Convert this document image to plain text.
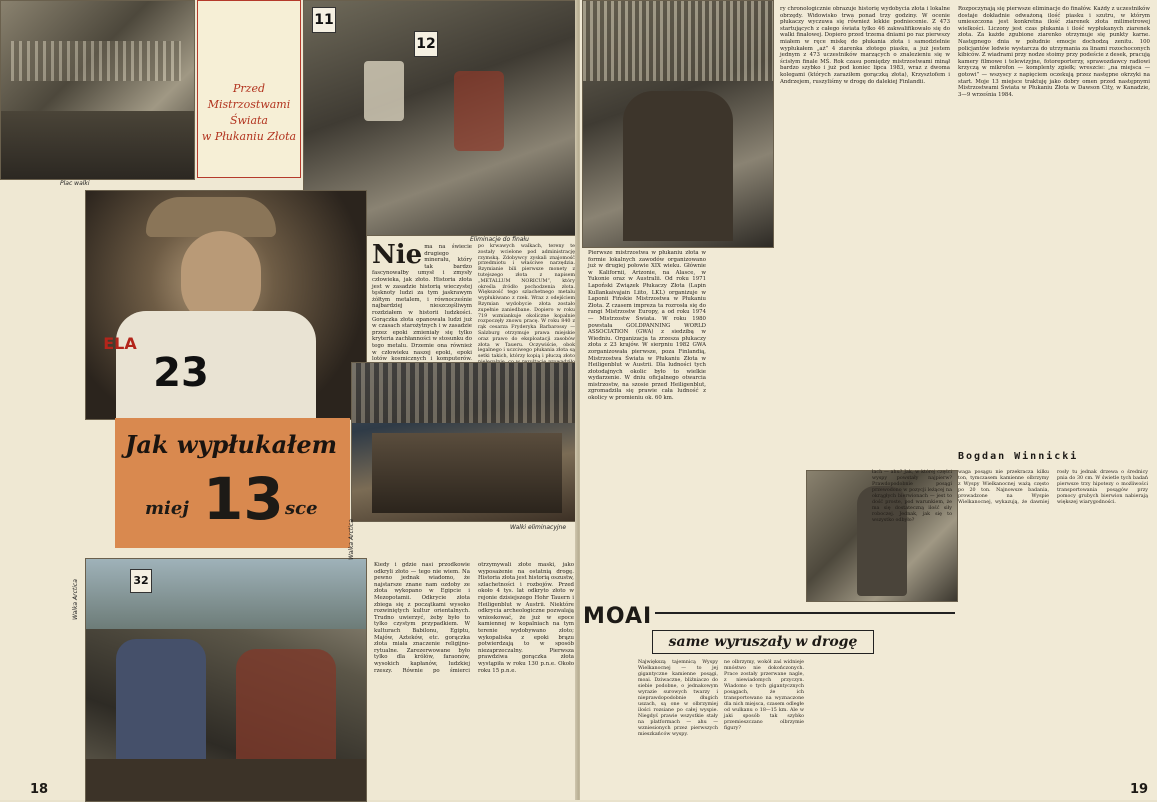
Plac walki
Przed
Mistrzostwami
Świata
w Płukaniu Złota
11
12
Eliminacje do finału
ELA
23
Nie ma na świecie drugiego minerału, który tak bardzo fascynowałby umysł i zmysły człowieka, jak złoto. Historia złota jest w zasadzie historią wieczystej tęsknoty ludzi za tym jaskrawym żółtym metalem, i równocześnie najbardziej nieszczęśliwym rozdziałem w historii ludzkości. Gorączka złota opanowała ludzi już w czasach starożytnych i w zasadzie przez epoki zmieniały się tylko kryteria zachłanności w stosunku do tego metalu. Drzemie ona również w człowieku naszej epoki, epoki lotów kosmicznych i komputerów.
po krwawych walkach, tereny te zostały wcielone pod administrację rzymską. Zdobywcy zyskali znajomość przedmiotu i właściwe narzędzia. Rzymianie bili pierwsze monety z tutejszego złota z napisem „METALLUM NORICUM”, który określa źródło pochodzenia złota. Większość tego szlachetnego metalu wypłukiwano z rzek. Wraz z odejściem Rzymian wydobycie złota zostało zupełnie zaniedbane. Dopiero w roku 719 wzmiankuje okoliczne kopalnie rozpoczęły znowu pracę. W roku 840 z rąk cesarza Fryderyka Barbarossy — Salzburg otrzymuje prawa miejskie oraz prawo do eksploatacji zasobów złota w Taueru. Oczywiście, obok legalnego i uczciwego płukania złota są setki takich, którzy kopią i płuczą złoto
Walki eliminacyjne
Jak wypłukałem
miej 13 sce
32
Walka Arctica
Walka Arctica
Kiedy i gdzie nasi przodkowie odkryli złoto — tego nie wiem. Na pewno jednak wiadomo, że najstarsze znane nam ozdoby ze złota wykopano w Egipcie i Mezopotamii. Odkrycie złota zbiega się z początkami wysoko rozwiniętych kultur orientalnych. Trudno uwierzyć, żeby było to tylko czystym przypadkiem. W kulturach Babilonu, Egiptu, Majów, Azteków, etc. gorączka złota miała znaczenie religijno-rytualne. Zarezerwowane było tylko dla królów, faraonów, wysokich kapłanów, ludzkiej rzeszy. Równie po śmierci otrzymywali złote maski, jako wyposażenie na ostatnią drogę. Historia złota jest historią oszustw, szlachetności i rozbojów. Przed około 4 tys. lat odkryto złoto w rejonie dzisiejszego Hohr Tauern i Heiligenblut w Austrii. Niektóre odkrycia archeologiczne pozwalają wnioskować, że już w epoce kamiennej w kopalniach na tym terenie wydobywano złoto; wykopaliska z epoki brązu potwierdzają to w sposób niezaprzeczalny. Pierwsza prawdziwa gorączka złota wystąpiła w roku 130 p.n.e. Około roku 15 p.n.e.
18
Pierwsze mistrzostwa w płukaniu złota w formie lokalnych zawodów organizowano już w drugiej połowie XIX wieku. Głównie w Kalifornii, Arizonie, na Alasce, w Yukonie oraz w Australii. Od roku 1971 Lapoński Związek Płukaczy Złota (Lapin Kullankaivajain Liito, LKL) organizuje w Laponii Fińskie Mistrzostwa w Płukaniu Złota. Z czasem impreza ta rozrosła się do rangi Mistrzostw Europy, a od roku 1974 — Mistrzostw Świata. W roku 1980 powstała GOLDPANNING WORLD ASSOCIATION (GWA) z siedzibą w Wiedniu. Organizacja ta zrzesza płukaczy złota z 23 krajów. W sierpniu 1982 GWA zorganizowała pierwsze, poza Finlandią, Mistrzostwa Świata w Płukaniu Złota w Heiligenblut w Austrii. Dla ludności tych złotodajnych okolic było to wielkie wydarzenie. W dniu oficjalnego otwarcia mistrzostw, na szosie przed Heiligenblut, zgromadziła się prawie cała ludność z okolicy w promieniu ok. 60 km.
ry chronologicznie obrazuje historię wydobycia złota i lokalne obrzędy. Widowisko trwa ponad trzy godziny. W ocenie płukaczy wyczuwa się również lekkie podniecenie. Z 473 startujących z całego świata tylko 46 zakwalifikowało się do walki finałowej. Dopiero przed trzema dniami po raz pierwszy miałem w ręce miskę do płukania złota i samodzielnie wypłukałem „aż” 4 ziarenka złotego piasku, a już jestem jednym z 473 uczestników marzących o znalezieniu się w ścisłym finale MŚ. Rok czasu pomiędzy mistrzostwami minął bardzo szybko i już pod koniec lipca 1983, wraz z dwoma kolegami (których zaraziłem gorączką złota), Krzysztofem i Andrzejem, ruszyliśmy w drogę do dalekiej Finlandii.
Rozpoczynają się pierwsze eliminacje do finałów. Każdy z uczestników dostaje dokładnie odważoną ilość piasku i szutru, w którym umieszczona jest konkretna ilość ziarenek złota milimetrowej wielkości. Liczony jest czas płukania i ilość wypłukanych ziarenek złota. Za każde zgubione ziarenko otrzymuje się punkty karne. Następnego dnia w południe emocje dochodzą zenitu. 100 policjantów ledwie wystarcza do utrzymania za linami rozochoconych kibiców. Z wiadrami przy nodze stoimy przy podeście z desek, pracują kamery filmowe i telewizyjne, fotoreporterzy, sprawozdawcy radiowi krzyczą w mikrofon — komplenty zgiełk; wreszcie: „na miejsca — gotowi” — wszyscy z napięciem oczekują przez następne okrzyki na start. Moje 13 miejsce traktuję jako dobry omen przed następnymi Mistrzostwami Świata w Płukaniu Złota w Dawson City, w Kanadzie, 3—9 września 1984.
Bogdan Winnicki
MOAI
same wyruszały w drogę
Największą tajemnicą Wyspy Wielkanocnej — to jej gigantyczne kamienne posągi, moai. Dziwaczne, bliźniaczo do siebie podobne, o jednakowym wyrazie surowych twarzy i nieprawdopodobnie długich uszach, są one w olbrzymiej ilości rozsiane po całej wyspie. Niegdyś prawie wszystkie stały na platformach — ahu — wzniesionych przez pierwszych mieszkańców wyspy.
ne olbrzymy, wokół zaś widnieje mnóstwo nie dokończonych. Prace zostały przerwane nagle, z niewiadomych przyczyn. Wiadomo o tych gigantycznych posągach, że ich transportowano na wyznaczone dla nich miejsca, czasem odległe od wulkanu o 18—15 km. Ale w jaki sposób tak szybko przemieszczano olbrzymie figury?
łach — ahu? Jak, w której części wyspy powstały najpierw? Prawdopodobnie posągi przewodono w pozycji leżącej na okrągłych bierwionach — jest to dość proste, pod warunkiem, że ma się dostateczną ilość siły roboczej. Jednak, jak się to wszystko odbyło?
waga posągu nie przekracza kilku ton, tymczasem kamienne olbrzymy z Wyspy Wielkanocnej ważą często po 20 ton. Najnowsze badania, prowadzone na Wyspie Wielkanocnej, wykazują, że dawniej rosły tu jednak drzewa o średnicy pnia do 30 cm. W świetle tych badań pierwsze trzy hipotezy o możliwości transportowania posągów przy pomocy grubych bierwion nabierają większej wiarygodności.
19
